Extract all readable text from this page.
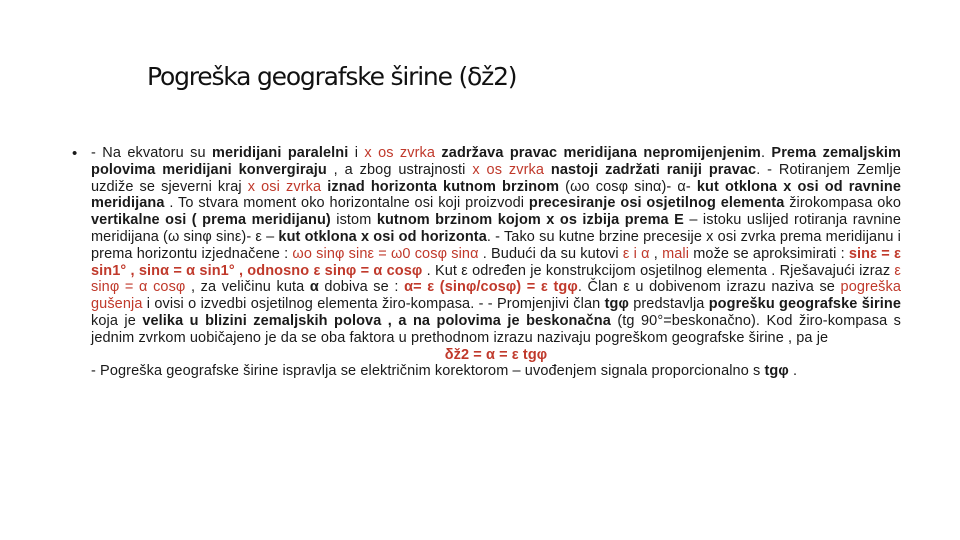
Pogreška geografske širine (δž2)
• - Na ekvatoru su meridijani paralelni i x os zvrka zadržava pravac meridijana nepromijenjenim. Prema zemaljskim polovima meridijani konvergiraju , a zbog ustrajnosti x os zvrka nastoji zadržati raniji pravac. - Rotiranjem Zemlje uzdiže se sjeverni kraj x osi zvrka iznad horizonta kutnom brzinom (ωo cosφ sinα)- α- kut otklona x osi od ravnine meridijana . To stvara moment oko horizontalne osi koji proizvodi precesiranje osi osjetilnog elementa žirokompasa oko vertikalne osi ( prema meridijanu) istom kutnom brzinom kojom x os izbija prema E – istoku uslijed rotiranja ravnine meridijana (ω sinφ sinε)- ε – kut otklona x osi od horizonta. - Tako su kutne brzine precesije x osi zvrka prema meridijanu i prema horizontu izjednačene : ωo sinφ sinε = ω0 cosφ sinα . Budući da su kutovi ε i α , mali može se aproksimirati : sinε = ε sin1° , sinα = α sin1° , odnosno ε sinφ = α cosφ . Kut ε određen je konstrukcijom osjetilnog elementa . Rješavajući izraz ε sinφ = α cosφ , za veličinu kuta α dobiva se : α= ε (sinφ/cosφ) = ε tgφ. Član ε u dobivenom izrazu naziva se pogreška gušenja i ovisi o izvedbi osjetilnog elementa žiro-kompasa. - - Promjenjivi član tgφ predstavlja pogrešku geografske širine koja je velika u blizini zemaljskih polova , a na polovima je beskonačna (tg 90°=beskonačno). Kod žiro-kompasa s jednim zvrkom uobičajeno je da se oba faktora u prethodnom izrazu nazivaju pogreškom geografske širine , pa je
δž2 = α = ε tgφ
- Pogreška geografske širine ispravlja se električnim korektorom – uvođenjem signala proporcionalno s tgφ .
